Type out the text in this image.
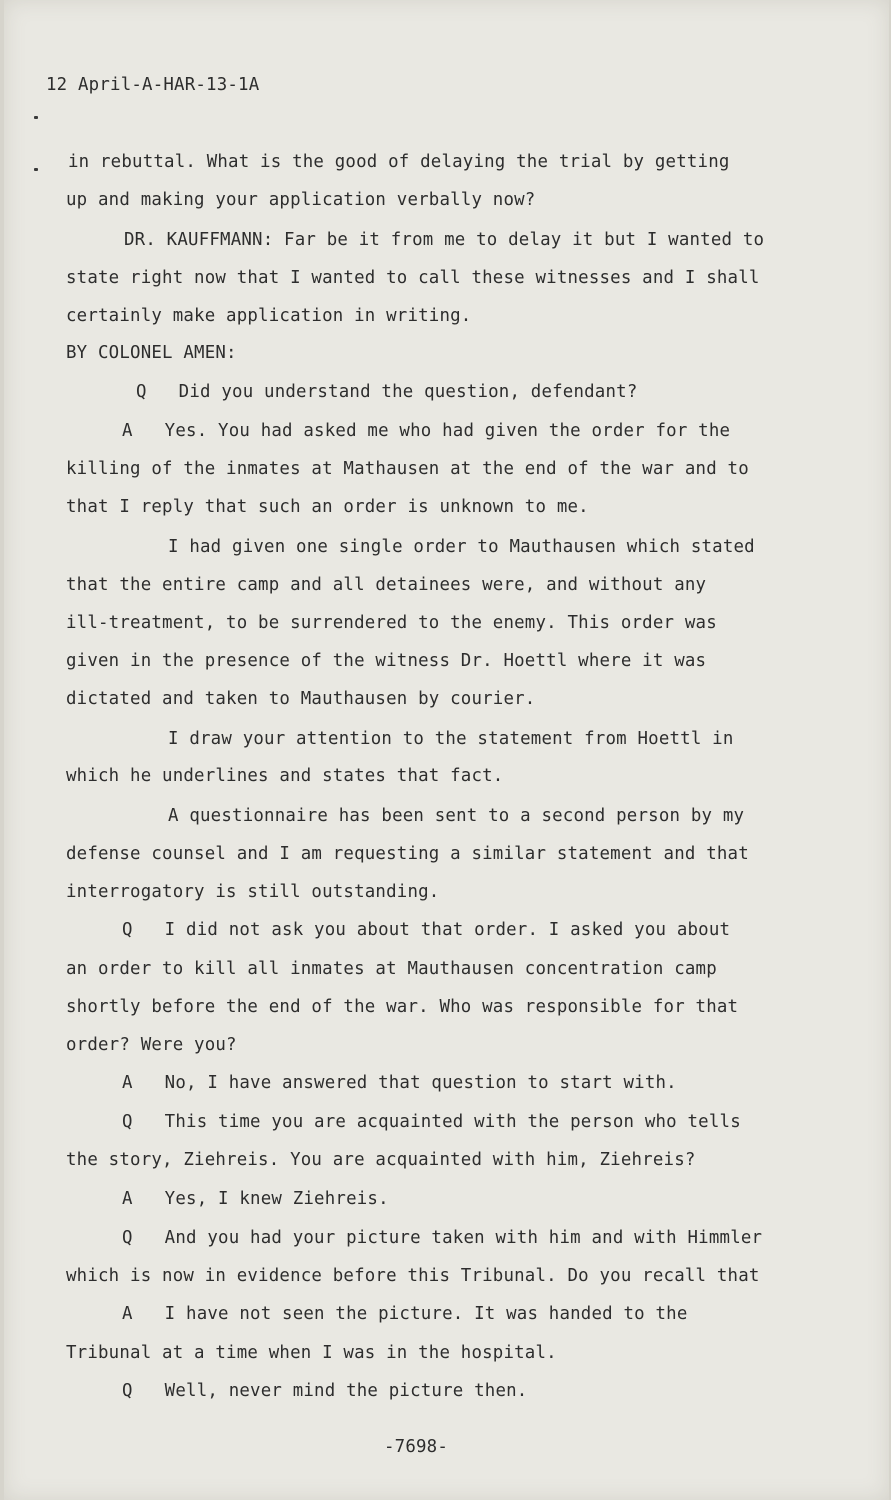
12 April-A-HAR-13-1A
in rebuttal. What is the good of delaying the trial by getting
up and making your application verbally now?
DR. KAUFFMANN: Far be it from me to delay it but I wanted to
state right now that I wanted to call these witnesses and I shall
certainly make application in writing.
BY COLONEL AMEN:
Q   Did you understand the question, defendant?
A   Yes. You had asked me who had given the order for the
killing of the inmates at Mathausen at the end of the war and to
that I reply that such an order is unknown to me.
I had given one single order to Mauthausen which stated
that the entire camp and all detainees were, and without any
ill-treatment, to be surrendered to the enemy. This order was
given in the presence of the witness Dr. Hoettl where it was
dictated and taken to Mauthausen by courier.
I draw your attention to the statement from Hoettl in
which he underlines and states that fact.
A questionnaire has been sent to a second person by my
defense counsel and I am requesting a similar statement and that
interrogatory is still outstanding.
Q   I did not ask you about that order. I asked you about
an order to kill all inmates at Mauthausen concentration camp
shortly before the end of the war. Who was responsible for that
order? Were you?
A   No, I have answered that question to start with.
Q   This time you are acquainted with the person who tells
the story, Ziehreis. You are acquainted with him, Ziehreis?
A   Yes, I knew Ziehreis.
Q   And you had your picture taken with him and with Himmler
which is now in evidence before this Tribunal. Do you recall that
A   I have not seen the picture. It was handed to the
Tribunal at a time when I was in the hospital.
Q   Well, never mind the picture then.
-7698-
